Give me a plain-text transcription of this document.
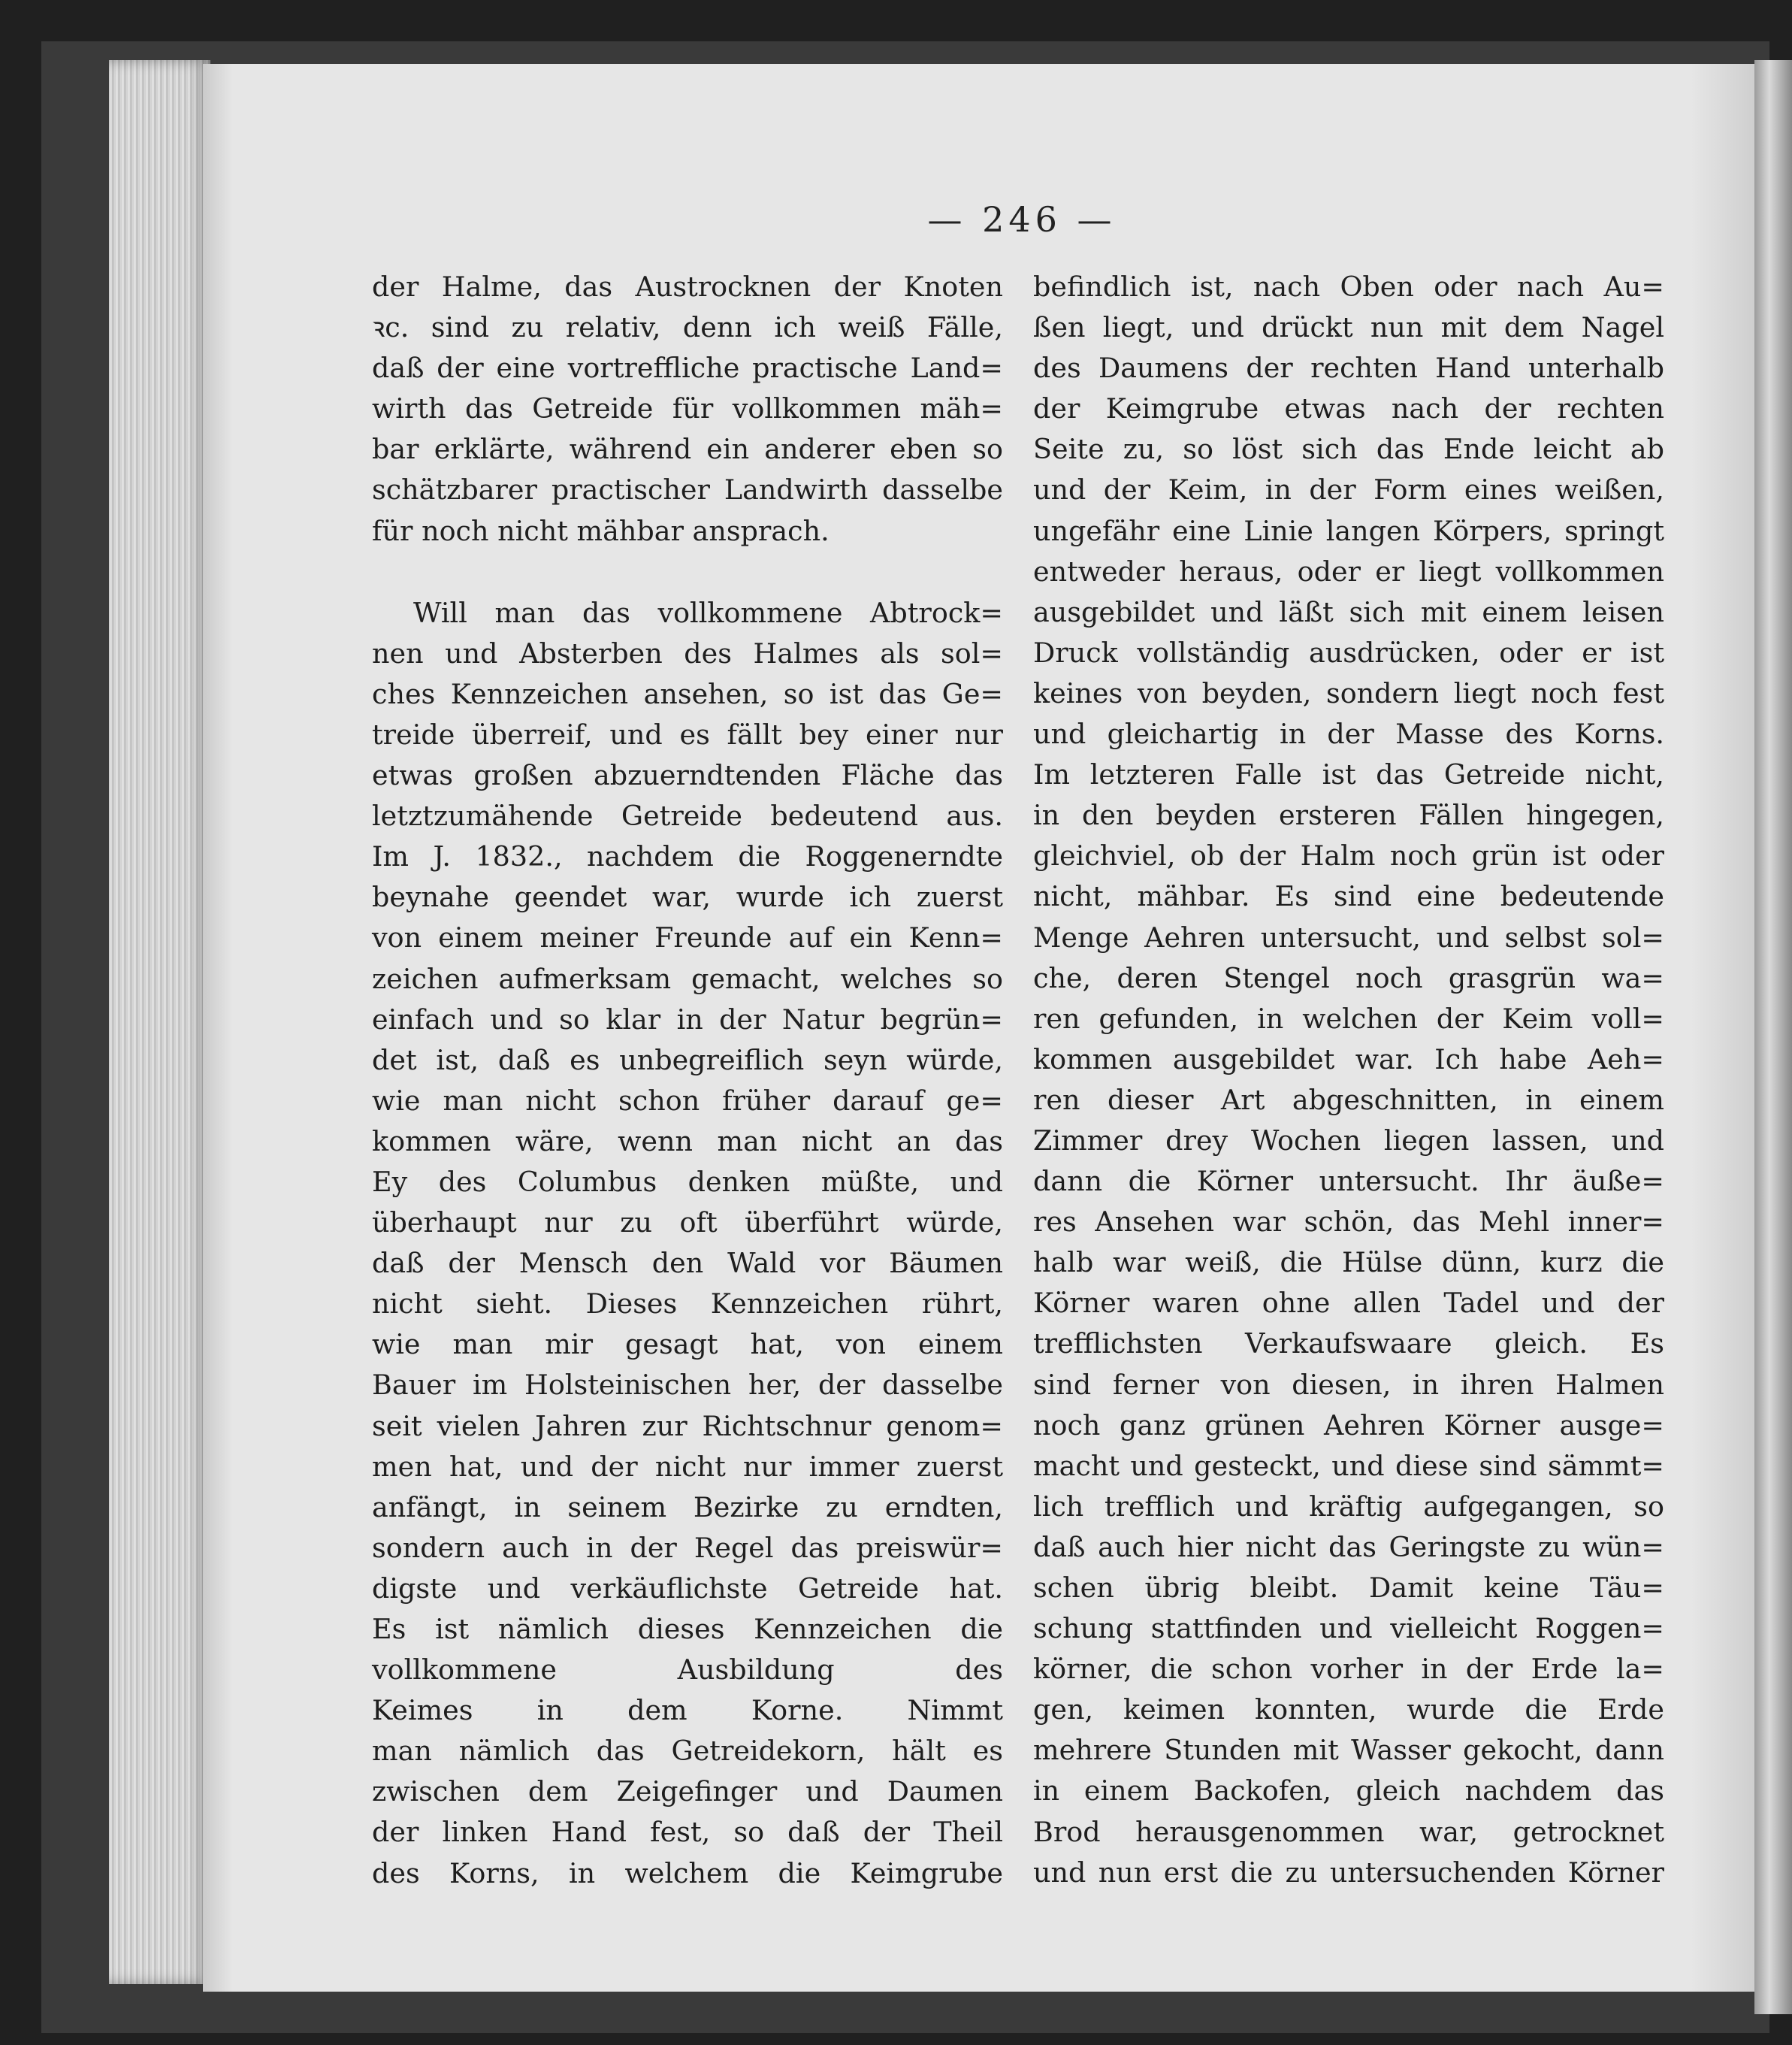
— 246 —
der Halme, das Austrocknen der Knoten
ꝛc. sind zu relativ, denn ich weiß Fälle,
daß der eine vortreffliche practische Land=
wirth das Getreide für vollkommen mäh=
bar erklärte, während ein anderer eben so
schätzbarer practischer Landwirth dasselbe
für noch nicht mähbar ansprach.
Will man das vollkommene Abtrock=
nen und Absterben des Halmes als sol=
ches Kennzeichen ansehen, so ist das Ge=
treide überreif, und es fällt bey einer nur
etwas großen abzuerndtenden Fläche das
letztzumähende Getreide bedeutend aus.
Im J. 1832., nachdem die Roggenerndte
beynahe geendet war, wurde ich zuerst
von einem meiner Freunde auf ein Kenn=
zeichen aufmerksam gemacht, welches so
einfach und so klar in der Natur begrün=
det ist, daß es unbegreiflich seyn würde,
wie man nicht schon früher darauf ge=
kommen wäre, wenn man nicht an das
Ey des Columbus denken müßte, und
überhaupt nur zu oft überführt würde,
daß der Mensch den Wald vor Bäumen
nicht sieht. Dieses Kennzeichen rührt,
wie man mir gesagt hat, von einem
Bauer im Holsteinischen her, der dasselbe
seit vielen Jahren zur Richtschnur genom=
men hat, und der nicht nur immer zuerst
anfängt, in seinem Bezirke zu erndten,
sondern auch in der Regel das preiswür=
digste und verkäuflichste Getreide hat.
Es ist nämlich dieses Kennzeichen die
vollkommene Ausbildung des
Keimes in dem Korne. Nimmt
man nämlich das Getreidekorn, hält es
zwischen dem Zeigefinger und Daumen
der linken Hand fest, so daß der Theil
des Korns, in welchem die Keimgrube
befindlich ist, nach Oben oder nach Au=
ßen liegt, und drückt nun mit dem Nagel
des Daumens der rechten Hand unterhalb
der Keimgrube etwas nach der rechten
Seite zu, so löst sich das Ende leicht ab
und der Keim, in der Form eines weißen,
ungefähr eine Linie langen Körpers, springt
entweder heraus, oder er liegt vollkommen
ausgebildet und läßt sich mit einem leisen
Druck vollständig ausdrücken, oder er ist
keines von beyden, sondern liegt noch fest
und gleichartig in der Masse des Korns.
Im letzteren Falle ist das Getreide nicht,
in den beyden ersteren Fällen hingegen,
gleichviel, ob der Halm noch grün ist oder
nicht, mähbar. Es sind eine bedeutende
Menge Aehren untersucht, und selbst sol=
che, deren Stengel noch grasgrün wa=
ren gefunden, in welchen der Keim voll=
kommen ausgebildet war. Ich habe Aeh=
ren dieser Art abgeschnitten, in einem
Zimmer drey Wochen liegen lassen, und
dann die Körner untersucht. Ihr äuße=
res Ansehen war schön, das Mehl inner=
halb war weiß, die Hülse dünn, kurz die
Körner waren ohne allen Tadel und der
trefflichsten Verkaufswaare gleich. Es
sind ferner von diesen, in ihren Halmen
noch ganz grünen Aehren Körner ausge=
macht und gesteckt, und diese sind sämmt=
lich trefflich und kräftig aufgegangen, so
daß auch hier nicht das Geringste zu wün=
schen übrig bleibt. Damit keine Täu=
schung stattfinden und vielleicht Roggen=
körner, die schon vorher in der Erde la=
gen, keimen konnten, wurde die Erde
mehrere Stunden mit Wasser gekocht, dann
in einem Backofen, gleich nachdem das
Brod herausgenommen war, getrocknet
und nun erst die zu untersuchenden Körner
